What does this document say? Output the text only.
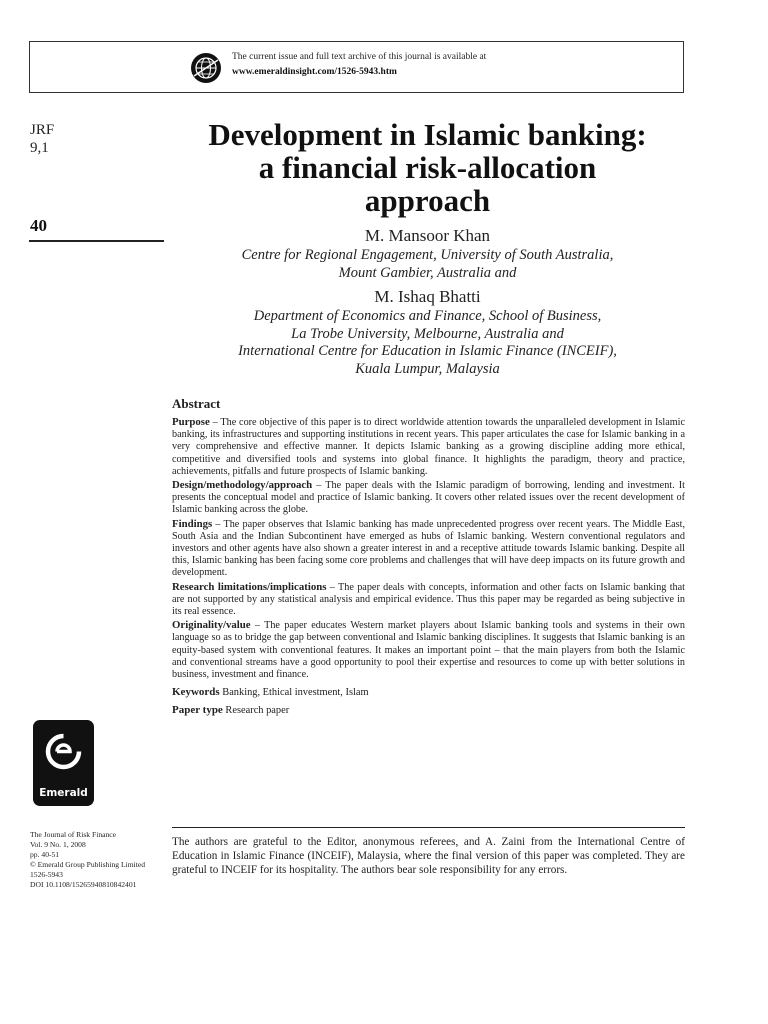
The current issue and full text archive of this journal is available at
www.emeraldinsight.com/1526-5943.htm
JRF
9,1
40
Development in Islamic banking:
a financial risk-allocation
approach
M. Mansoor Khan
Centre for Regional Engagement, University of South Australia,
Mount Gambier, Australia and
M. Ishaq Bhatti
Department of Economics and Finance, School of Business,
La Trobe University, Melbourne, Australia and
International Centre for Education in Islamic Finance (INCEIF),
Kuala Lumpur, Malaysia
Abstract

Purpose – The core objective of this paper is to direct worldwide attention towards the unparalleled development in Islamic banking, its infrastructures and supporting institutions in recent years. This paper articulates the case for Islamic banking in a very comprehensive and effective manner. It depicts Islamic banking as a growing discipline adding more ethical, competitive and diversified tools and systems into global finance. It highlights the paradigm, theory and practice, achievements, pitfalls and future prospects of Islamic banking.

Design/methodology/approach – The paper deals with the Islamic paradigm of borrowing, lending and investment. It presents the conceptual model and practice of Islamic banking. It covers other related issues over the recent development of Islamic banking across the globe.

Findings – The paper observes that Islamic banking has made unprecedented progress over recent years. The Middle East, South Asia and the Indian Subcontinent have emerged as hubs of Islamic banking. Western conventional regulators and investors and other agents have also shown a greater interest in and a receptive attitude towards Islamic banking. Despite all this, Islamic banking has been facing some core problems and challenges that will have deep impacts on its future growth and development.

Research limitations/implications – The paper deals with concepts, information and other facts on Islamic banking that are not supported by any statistical analysis and empirical evidence. Thus this paper may be regarded as being subjective in its real essence.

Originality/value – The paper educates Western market players about Islamic banking tools and systems in their own language so as to bridge the gap between conventional and Islamic banking disciplines. It suggests that Islamic banking is an equity-based system with conventional features. It makes an important point – that the main players from both the Islamic and conventional streams have a good opportunity to pool their expertise and resources to come up with better solutions in business, investment and finance.

Keywords Banking, Ethical investment, Islam

Paper type Research paper

Emerald
The Journal of Risk Finance
Vol. 9 No. 1, 2008
pp. 40-51
© Emerald Group Publishing Limited
1526-5943
DOI 10.1108/15265940810842401
The authors are grateful to the Editor, anonymous referees, and A. Zaini from the International Centre of Education in Islamic Finance (INCEIF), Malaysia, where the final version of this paper was completed. They are grateful to INCEIF for its hospitality. The authors bear sole responsibility for any errors.
